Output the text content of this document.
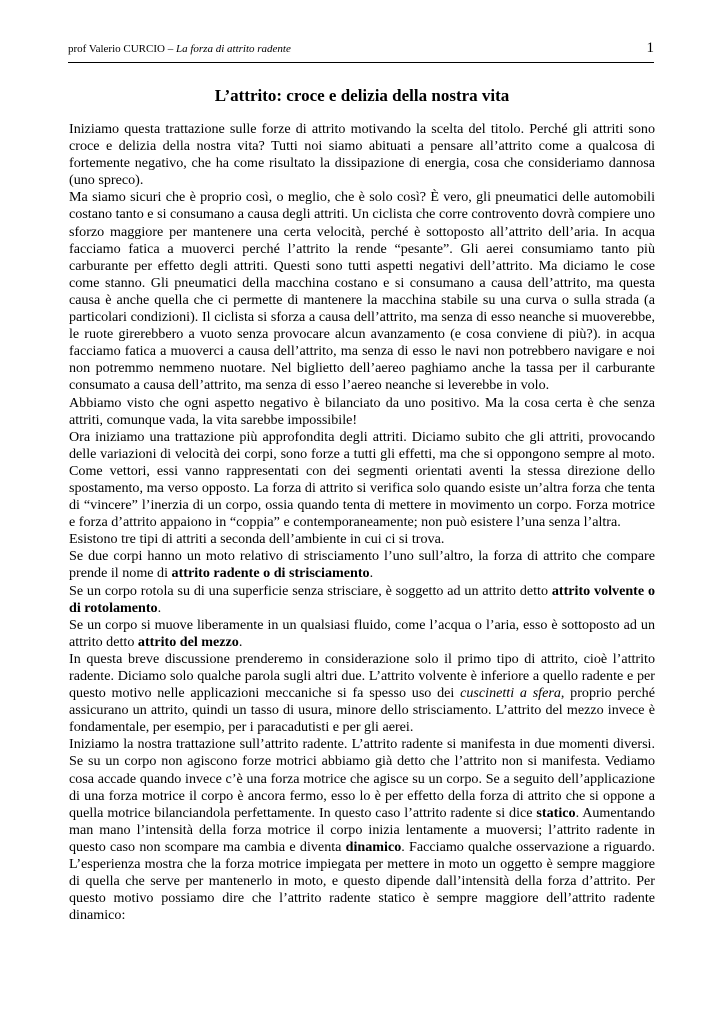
prof Valerio CURCIO – La forza di attrito radente	1
L’attrito: croce e delizia della nostra vita

Iniziamo questa trattazione sulle forze di attrito motivando la scelta del titolo. Perché gli attriti sono croce e delizia della nostra vita? Tutti noi siamo abituati a pensare all’attrito come a qualcosa di fortemente negativo, che ha come risultato la dissipazione di energia, cosa che consideriamo dannosa (uno spreco).

Ma siamo sicuri che è proprio così, o meglio, che è solo così? È vero, gli pneumatici delle automobili costano tanto e si consumano a causa degli attriti. Un ciclista che corre controvento dovrà compiere uno sforzo maggiore per mantenere una certa velocità, perché è sottoposto all’attrito dell’aria. In acqua facciamo fatica a muoverci perché l’attrito la rende “pesante”. Gli aerei consumiamo tanto più carburante per effetto degli attriti. Questi sono tutti aspetti negativi dell’attrito. Ma diciamo le cose come stanno. Gli pneumatici della macchina costano e si consumano a causa dell’attrito, ma questa causa è anche quella che ci permette di mantenere la macchina stabile su una curva o sulla strada (a particolari condizioni). Il ciclista si sforza a causa dell’attrito, ma senza di esso neanche si muoverebbe, le ruote girerebbero a vuoto senza provocare alcun avanzamento (e cosa conviene di più?). in acqua facciamo fatica a muoverci a causa dell’attrito, ma senza di esso le navi non potrebbero navigare e noi non potremmo nemmeno nuotare. Nel biglietto dell’aereo paghiamo anche la tassa per il carburante consumato a causa dell’attrito, ma senza di esso l’aereo neanche si leverebbe in volo.

Abbiamo visto che ogni aspetto negativo è bilanciato da uno positivo. Ma la cosa certa è che senza attriti, comunque vada, la vita sarebbe impossibile!

Ora iniziamo una trattazione più approfondita degli attriti. Diciamo subito che gli attriti, provocando delle variazioni di velocità dei corpi, sono forze a tutti gli effetti, ma che si oppongono sempre al moto. Come vettori, essi vanno rappresentati con dei segmenti orientati aventi la stessa direzione dello spostamento, ma verso opposto. La forza di attrito si verifica solo quando esiste un’altra forza che tenta di “vincere” l’inerzia di un corpo, ossia quando tenta di mettere in movimento un corpo. Forza motrice e forza d’attrito appaiono in “coppia” e contemporaneamente; non può esistere l’una senza l’altra.

Esistono tre tipi di attriti a seconda dell’ambiente in cui ci si trova.

Se due corpi hanno un moto relativo di strisciamento l’uno sull’altro, la forza di attrito che compare prende il nome di attrito radente o di strisciamento.

Se un corpo rotola su di una superficie senza strisciare, è soggetto ad un attrito detto attrito volvente o di rotolamento.

Se un corpo si muove liberamente in un qualsiasi fluido, come l’acqua o l’aria, esso è sottoposto ad un attrito detto attrito del mezzo.

In questa breve discussione prenderemo in considerazione solo il primo tipo di attrito, cioè l’attrito radente. Diciamo solo qualche parola sugli altri due. L’attrito volvente è inferiore a quello radente e per questo motivo nelle applicazioni meccaniche si fa spesso uso dei cuscinetti a sfera, proprio perché assicurano un attrito, quindi un tasso di usura, minore dello strisciamento. L’attrito del mezzo invece è fondamentale, per esempio, per i paracadutisti e per gli aerei.

Iniziamo la nostra trattazione sull’attrito radente. L’attrito radente si manifesta in due momenti diversi. Se su un corpo non agiscono forze motrici abbiamo già detto che l’attrito non si manifesta. Vediamo cosa accade quando invece c’è una forza motrice che agisce su un corpo. Se a seguito dell’applicazione di una forza motrice il corpo è ancora fermo, esso lo è per effetto della forza di attrito che si oppone a quella motrice bilanciandola perfettamente. In questo caso l’attrito radente si dice statico. Aumentando man mano l’intensità della forza motrice il corpo inizia lentamente a muoversi; l’attrito radente in questo caso non scompare ma cambia e diventa dinamico. Facciamo qualche osservazione a riguardo. L’esperienza mostra che la forza motrice impiegata per mettere in moto un oggetto è sempre maggiore di quella che serve per mantenerlo in moto, e questo dipende dall’intensità della forza d’attrito. Per questo motivo possiamo dire che l’attrito radente statico è sempre maggiore dell’attrito radente dinamico:
